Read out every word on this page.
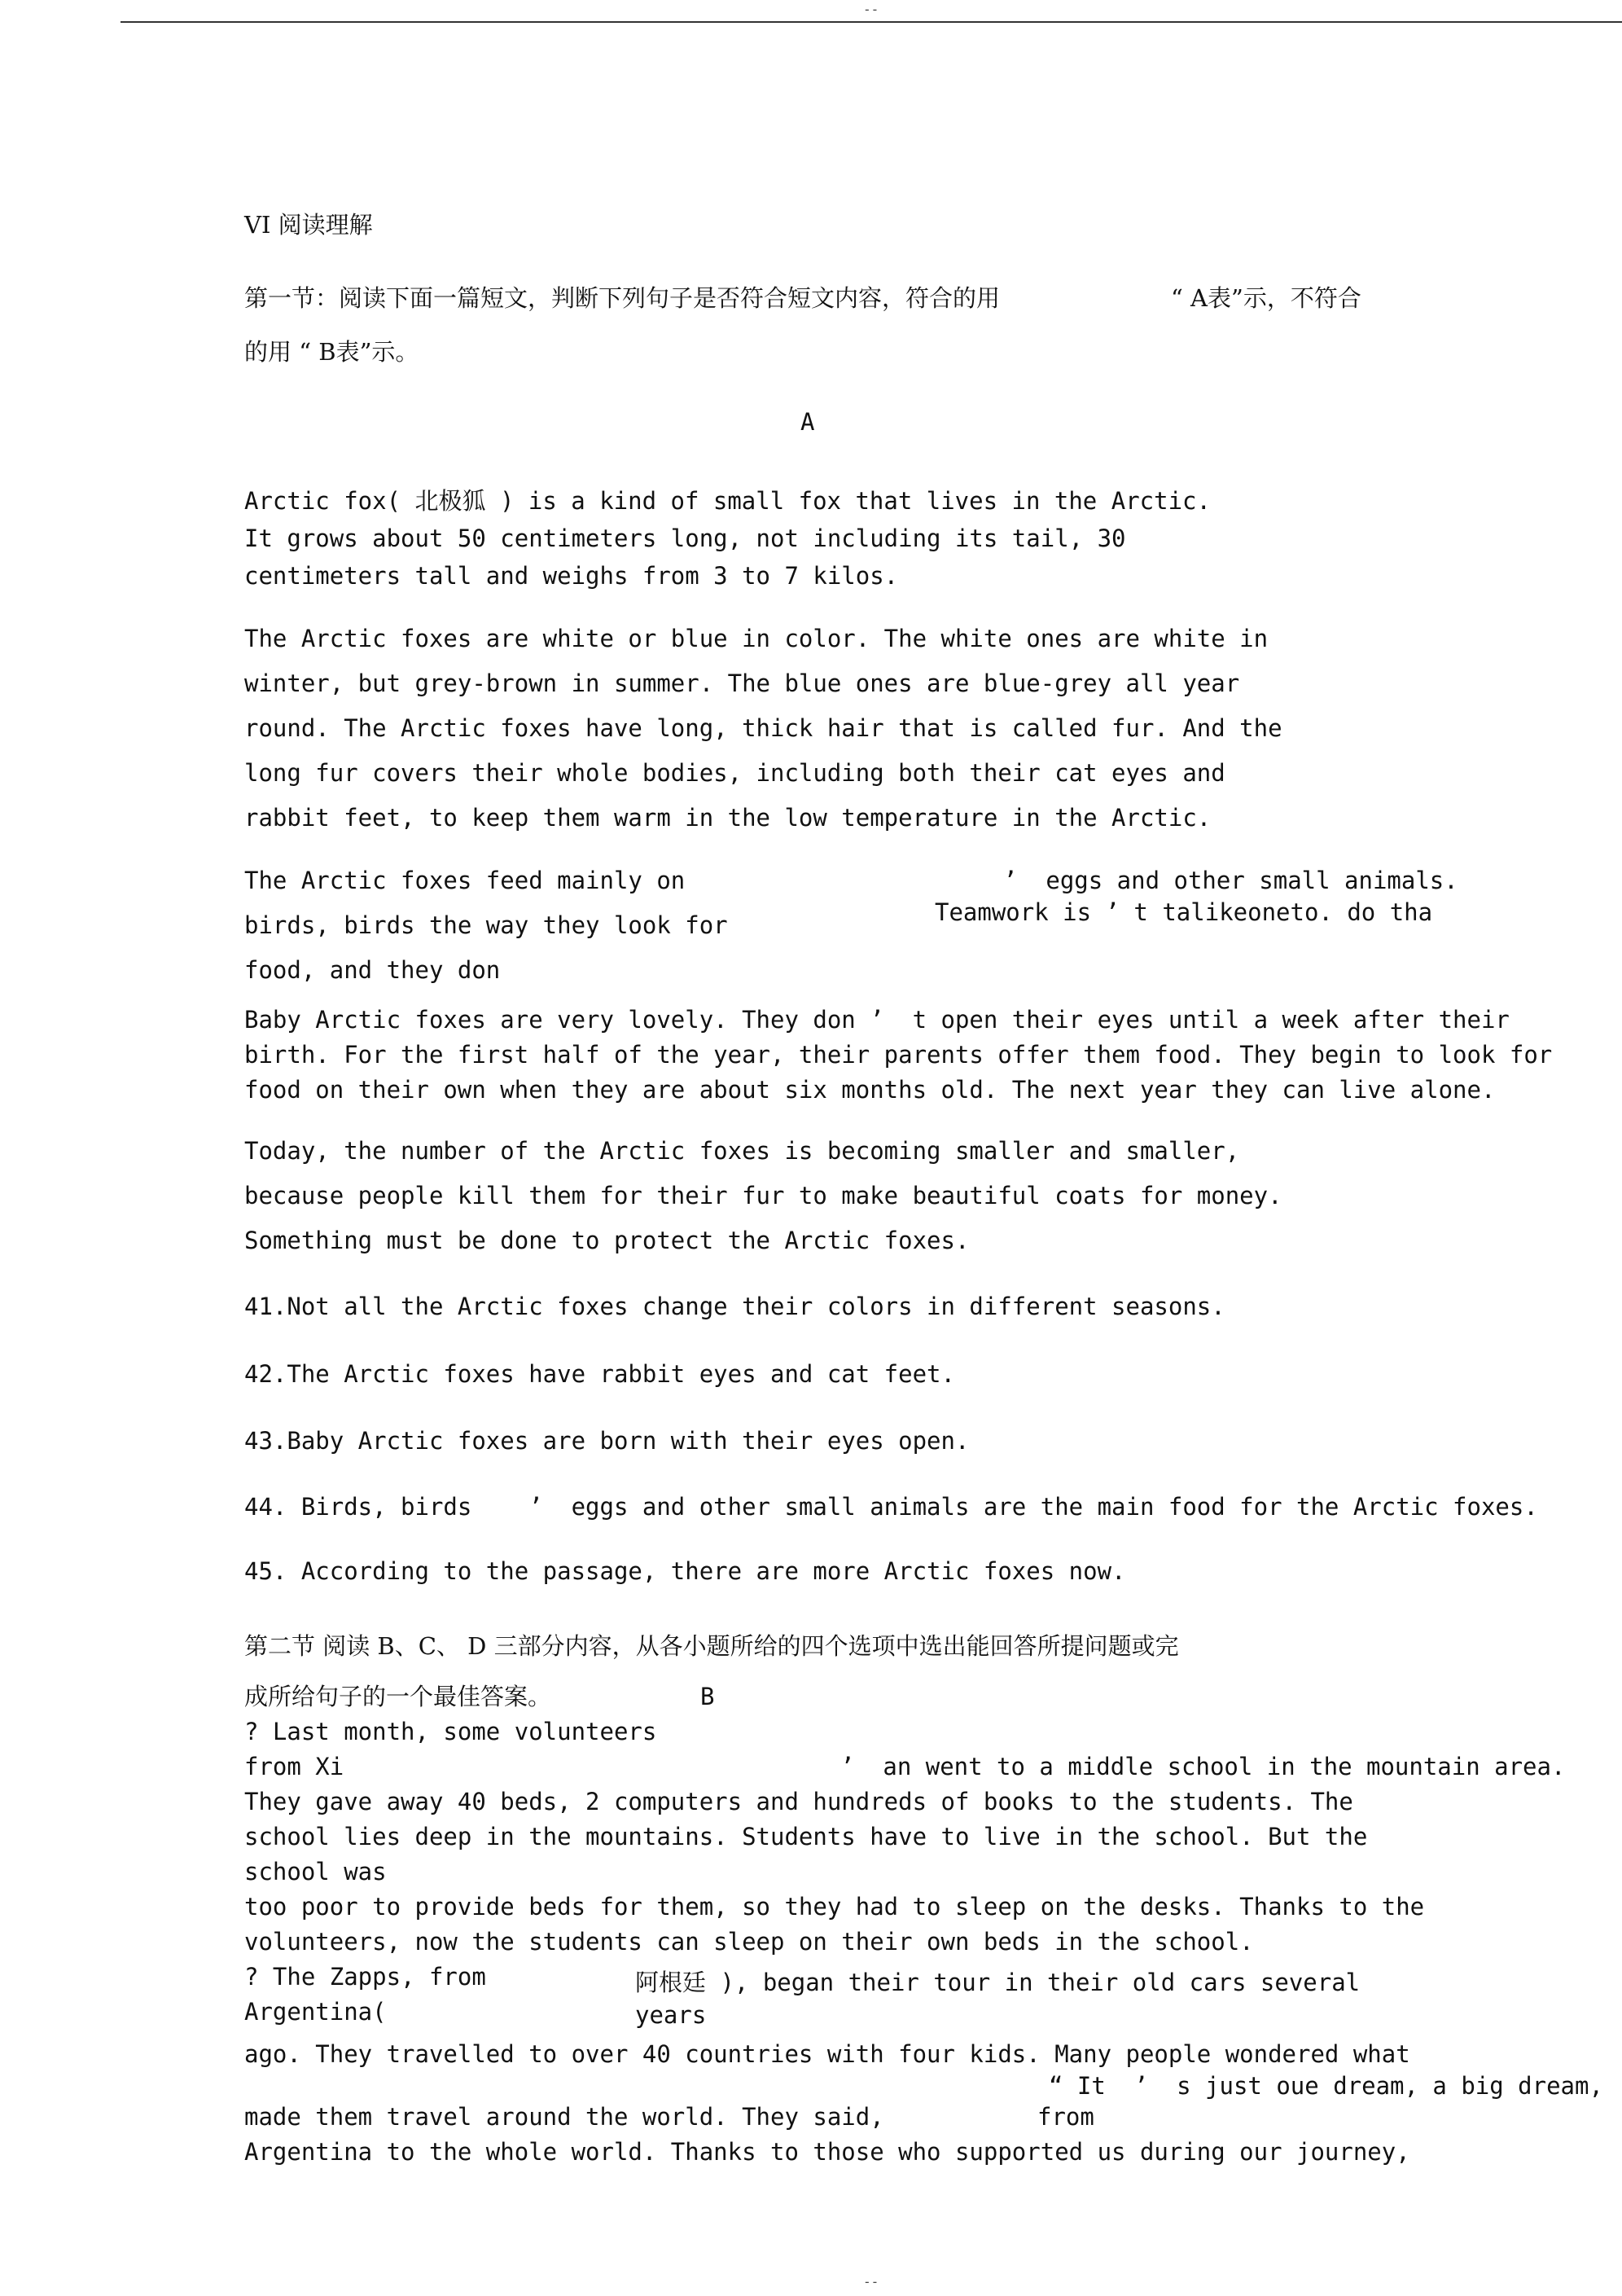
--
VI 阅读理解
第一节：阅读下面一篇短文，判断下列句子是否符合短文内容，符合的用	“ A表”示，不符合
的用 “ B表”示。
A
Arctic fox( 北极狐 ) is a kind of small fox that lives in the Arctic.
It grows about 50 centimeters long, not including its tail, 30
centimeters tall and weighs from 3 to 7 kilos.
The Arctic foxes are white or blue in color. The white ones are white in
winter, but grey-brown in summer. The blue ones are blue-grey all year
round. The Arctic foxes have long, thick hair that is called fur. And the
long fur covers their whole bodies, including both their cat eyes and
rabbit feet, to keep them warm in the low temperature in the Arctic.
The Arctic foxes feed mainly on
birds, birds the way they look for
food, and they don
’  eggs and other small animals.
Teamwork is ’ t talikeoneto. do tha
Baby Arctic foxes are very lovely. They don ’  t open their eyes until a week after their
birth. For the first half of the year, their parents offer them food. They begin to look for
food on their own when they are about six months old. The next year they can live alone.
Today, the number of the Arctic foxes is becoming smaller and smaller,
because people kill them for their fur to make beautiful coats for money.
Something must be done to protect the Arctic foxes.
41.Not all the Arctic foxes change their colors in different seasons.
42.The Arctic foxes have rabbit eyes and cat feet.
43.Baby Arctic foxes are born with their eyes open.
44. Birds, birds    ’  eggs and other small animals are the main food for the Arctic foxes.
45. According to the passage, there are more Arctic foxes now.
第二节 阅读 B、C、 D 三部分内容，从各小题所给的四个选项中选出能回答所提问题或完
成所给句子的一个最佳答案。	B
? Last month, some volunteers
from Xi	’  an went to a middle school in the mountain area.
They gave away 40 beds, 2 computers and hundreds of books to the students. The
school lies deep in the mountains. Students have to live in the school. But the
school was
too poor to provide beds for them, so they had to sleep on the desks. Thanks to the
volunteers, now the students can sleep on their own beds in the school.
? The Zapps, from
Argentina(
阿根廷 ), began their tour in their old cars several
years
ago. They travelled to over 40 countries with four kids. Many people wondered what
“ It  ’  s just oue dream, a big dream,
made them travel around the world. They said,	from
Argentina to the whole world. Thanks to those who supported us during our journey,
--
